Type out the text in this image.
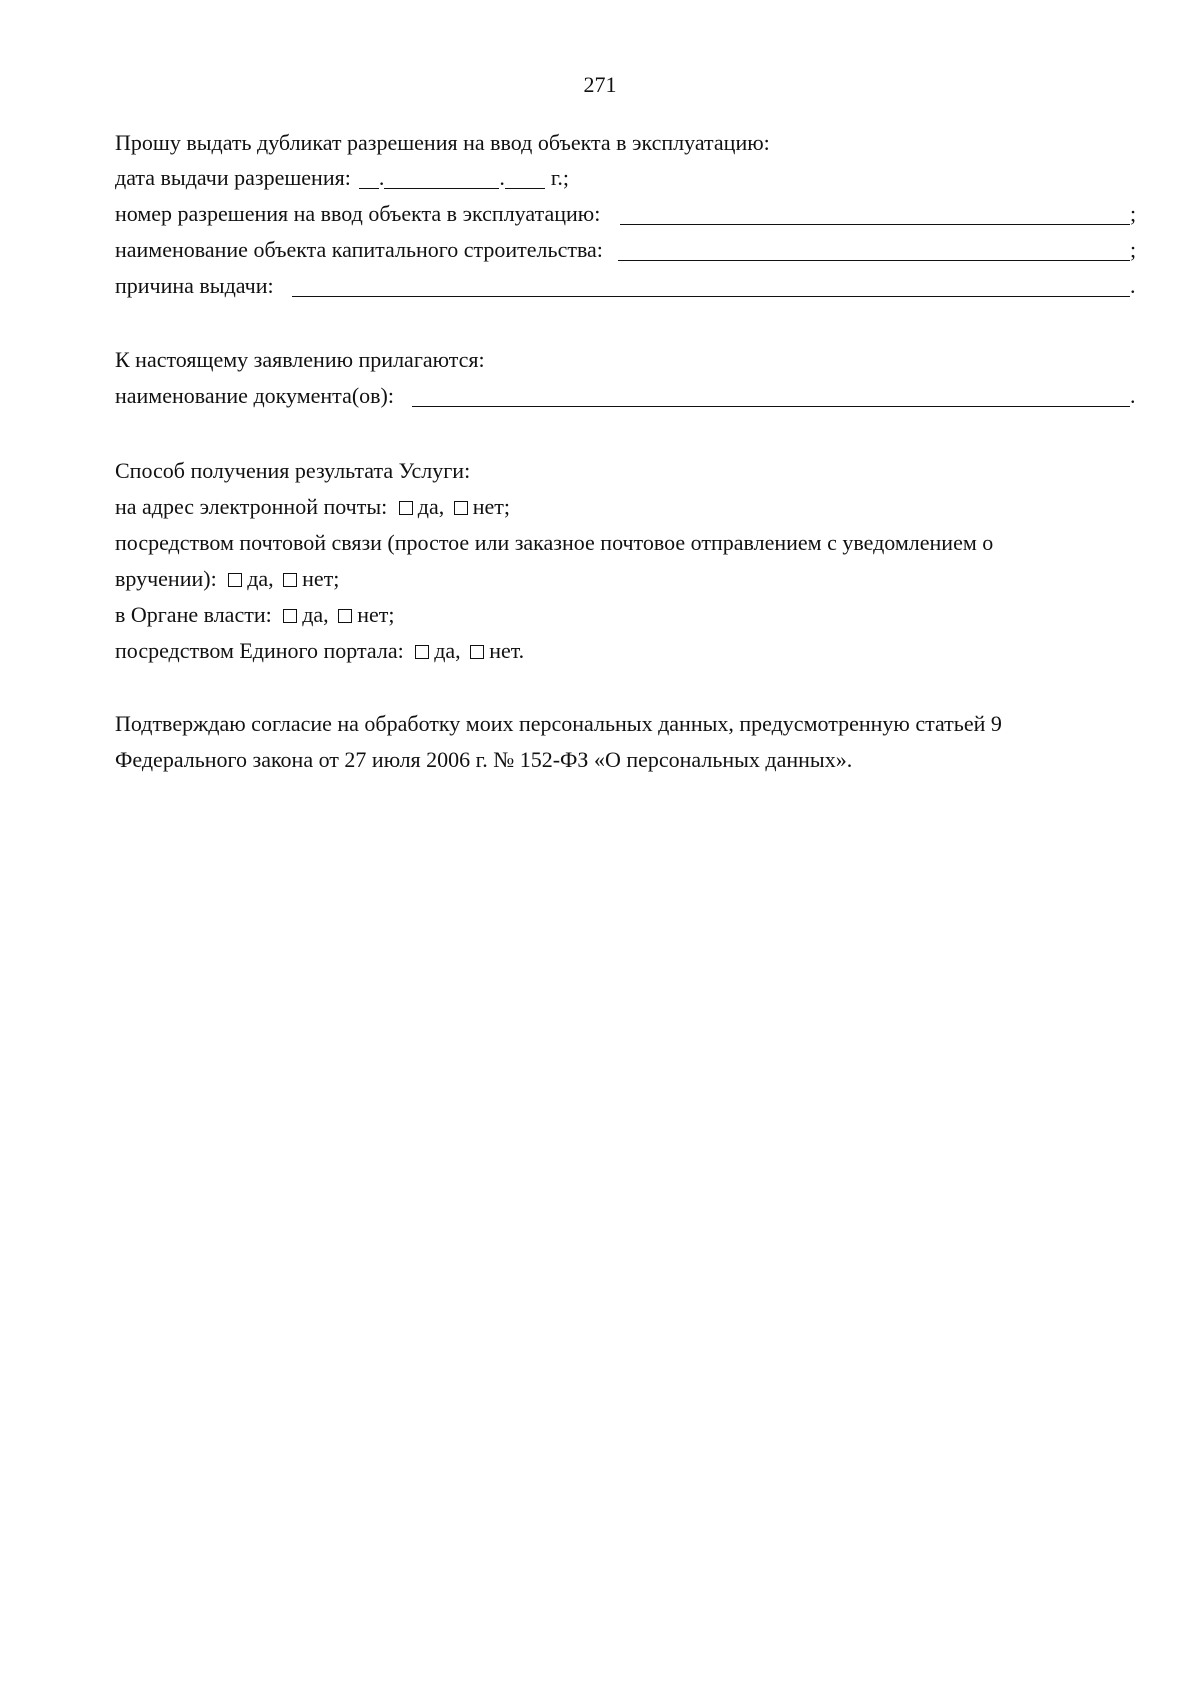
271
Прошу выдать дубликат разрешения на ввод объекта в эксплуатацию:
дата выдачи разрешения: .	. г.;
номер разрешения на ввод объекта в эксплуатацию:	;
наименование объекта капитального строительства:	;
причина выдачи:	.
К настоящему заявлению прилагаются:
наименование документа(ов):	.
Способ получения результата Услуги:
на адрес электронной почты: да, нет;
посредством почтовой связи (простое или заказное почтовое отправлением с уведомлением о
вручении): да, нет;
в Органе власти: да, нет;
посредством Единого портала: да, нет.
Подтверждаю согласие на обработку моих персональных данных, предусмотренную статьей 9
Федерального закона от 27 июля 2006 г. № 152-ФЗ «О персональных данных».
